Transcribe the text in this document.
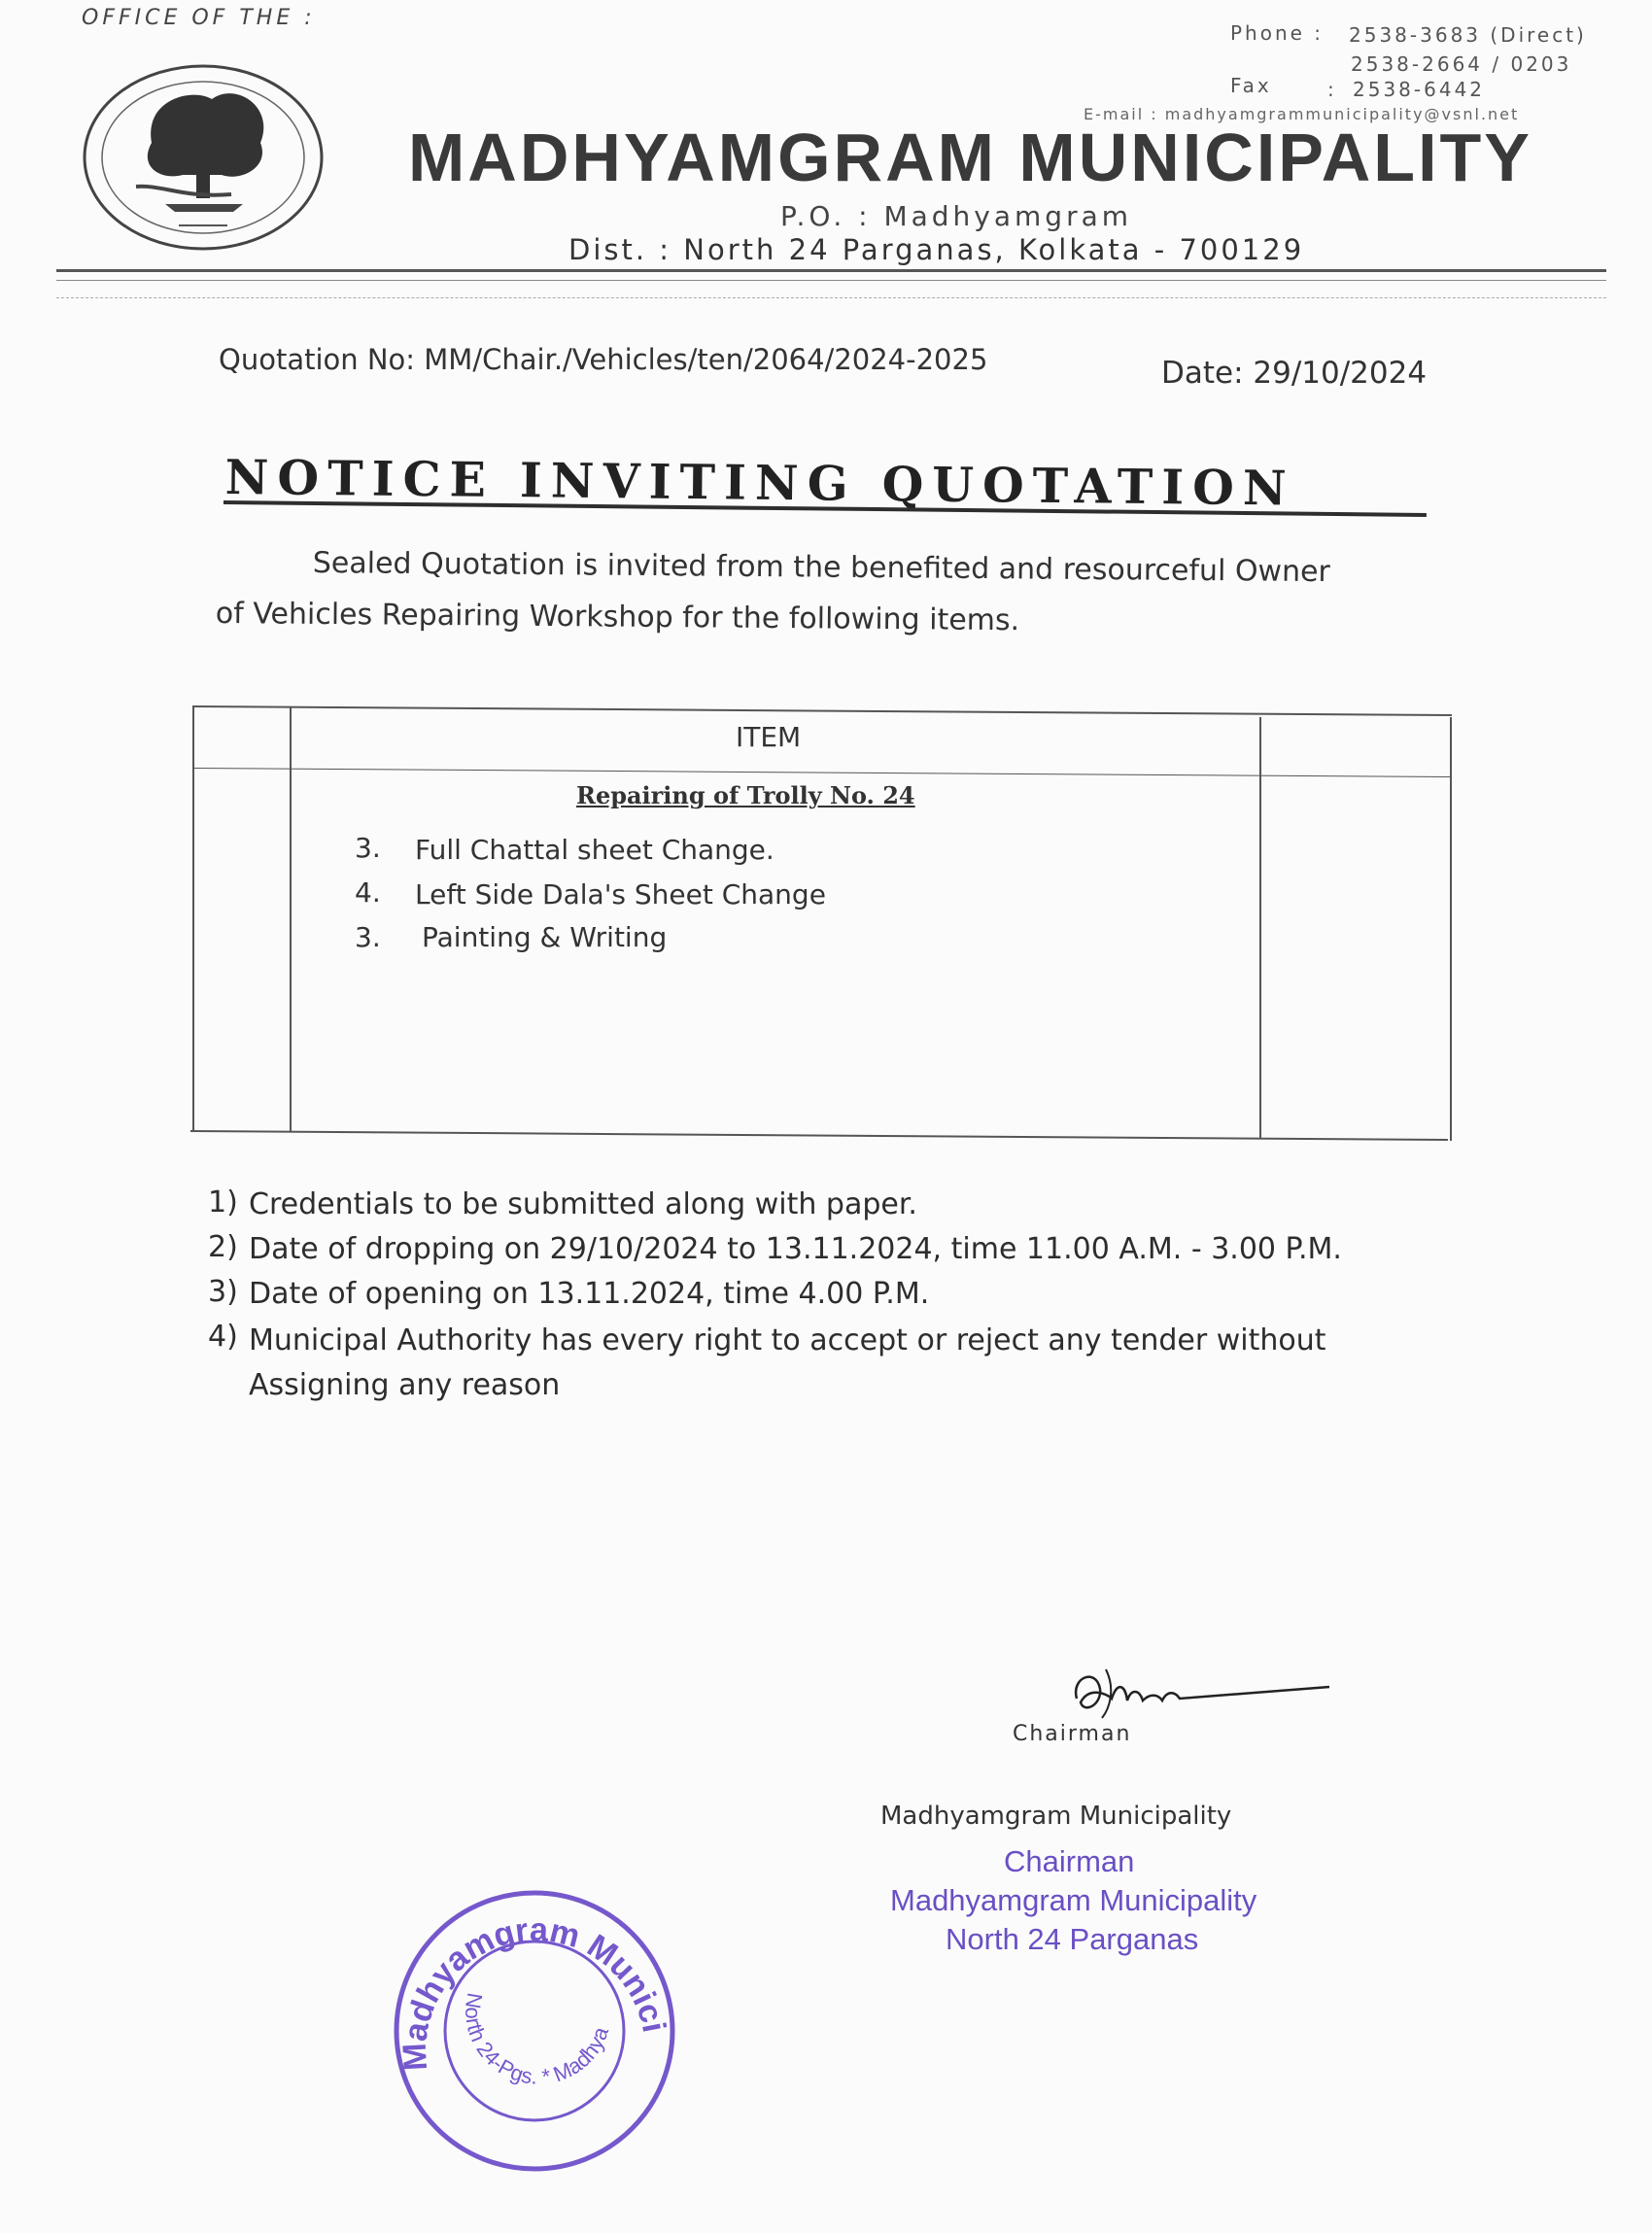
OFFICE OF THE :
Phone : 2538-3683 (Direct)
2538-2664 / 0203
Fax	: 2538-6442
E-mail : madhyamgrammunicipality@vsnl.net
MADHYAMGRAM MUNICIPALITY
P.O. : Madhyamgram
Dist. : North 24 Parganas, Kolkata - 700129
Quotation No: MM/Chair./Vehicles/ten/2064/2024-2025	Date: 29/10/2024
NOTICE INVITING QUOTATION
Sealed Quotation is invited from the benefited and resourceful Owner
of Vehicles Repairing Workshop for the following items.
ITEM
Repairing of Trolly No. 24
3. Full Chattal sheet Change.
4. Left Side Dala's Sheet Change
3. Painting & Writing
1) Credentials to be submitted along with paper.
2) Date of dropping on 29/10/2024 to 13.11.2024, time 11.00 A.M. - 3.00 P.M.
3) Date of opening on 13.11.2024, time 4.00 P.M.
4) Municipal Authority has every right to accept or reject any tender without
Assigning any reason
Chairman
Madhyamgram Municipality
Chairman
Madhyamgram Municipality
North 24 Parganas
Madhyamgram Munici
North 24-Pgs. * Madhya
